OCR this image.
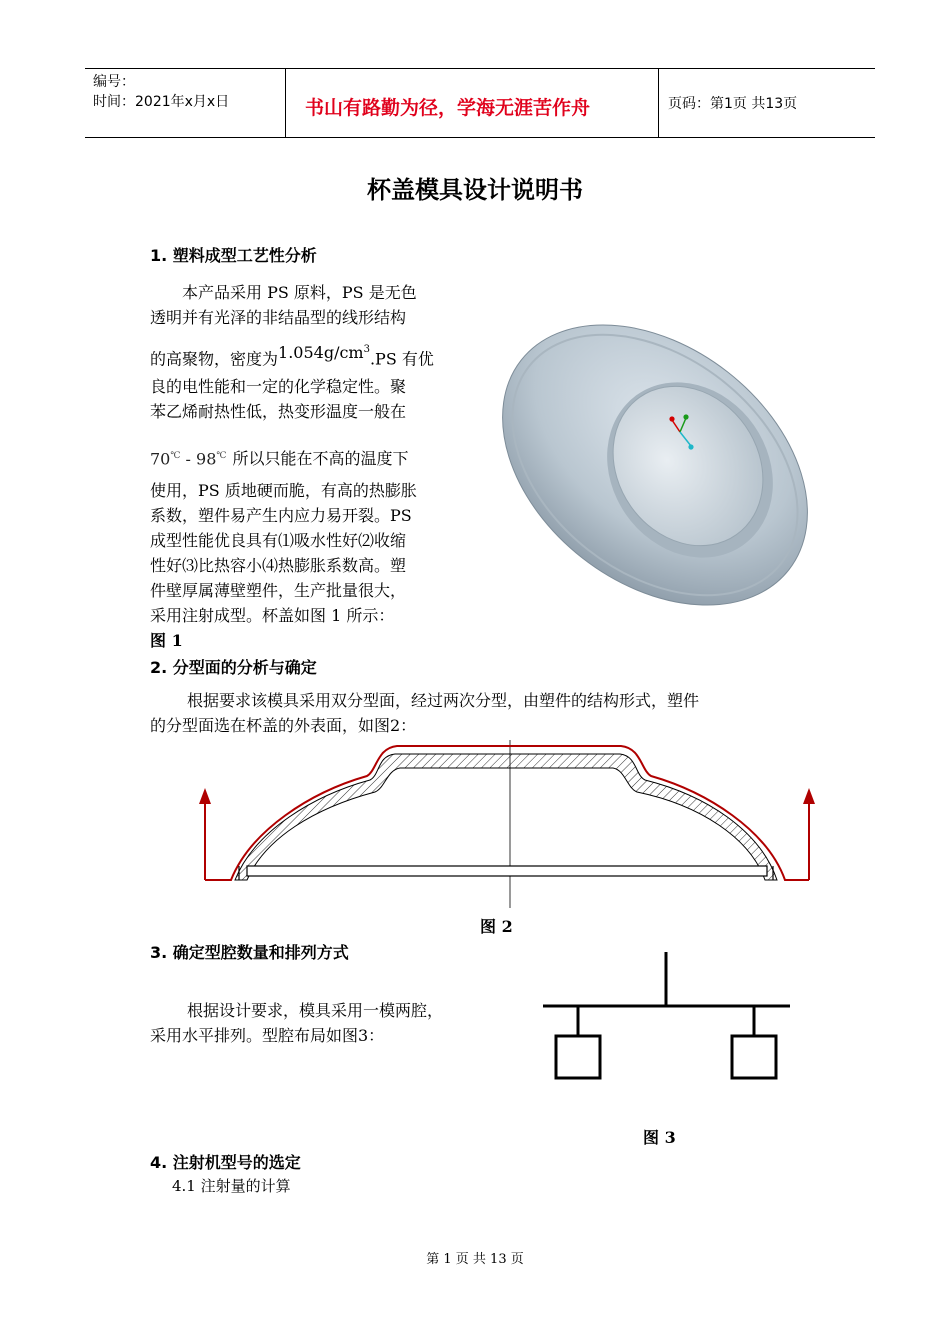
编号：
时间：2021年x月x日	书山有路勤为径，学海无涯苦作舟	页码：第1页 共13页
杯盖模具设计说明书
1. 塑料成型工艺性分析
本产品采用 PS 原料，PS 是无色
透明并有光泽的非结晶型的线形结构
的高聚物，密度为$1.054g/cm^3.PS$ 有优
良的电性能和一定的化学稳定性。聚
苯乙烯耐热性低，热变形温度一般在
70℃ - 98℃ 所以只能在不高的温度下
使用，PS 质地硬而脆，有高的热膨胀
系数，塑件易产生内应力易开裂。PS
成型性能优良具有⑴吸水性好⑵收缩
性好⑶比热容小⑷热膨胀系数高。塑
件壁厚属薄壁塑件，生产批量很大，
采用注射成型。杯盖如图 1 所示：
图 1
2. 分型面的分析与确定
根据要求该模具采用双分型面，经过两次分型，由塑件的结构形式，塑件
的分型面选在杯盖的外表面，如图2：
图 2
3. 确定型腔数量和排列方式
根据设计要求，模具采用一模两腔，
采用水平排列。型腔布局如图3：
图 3
4. 注射机型号的选定
4.1 注射量的计算
第 1 页 共 13 页
